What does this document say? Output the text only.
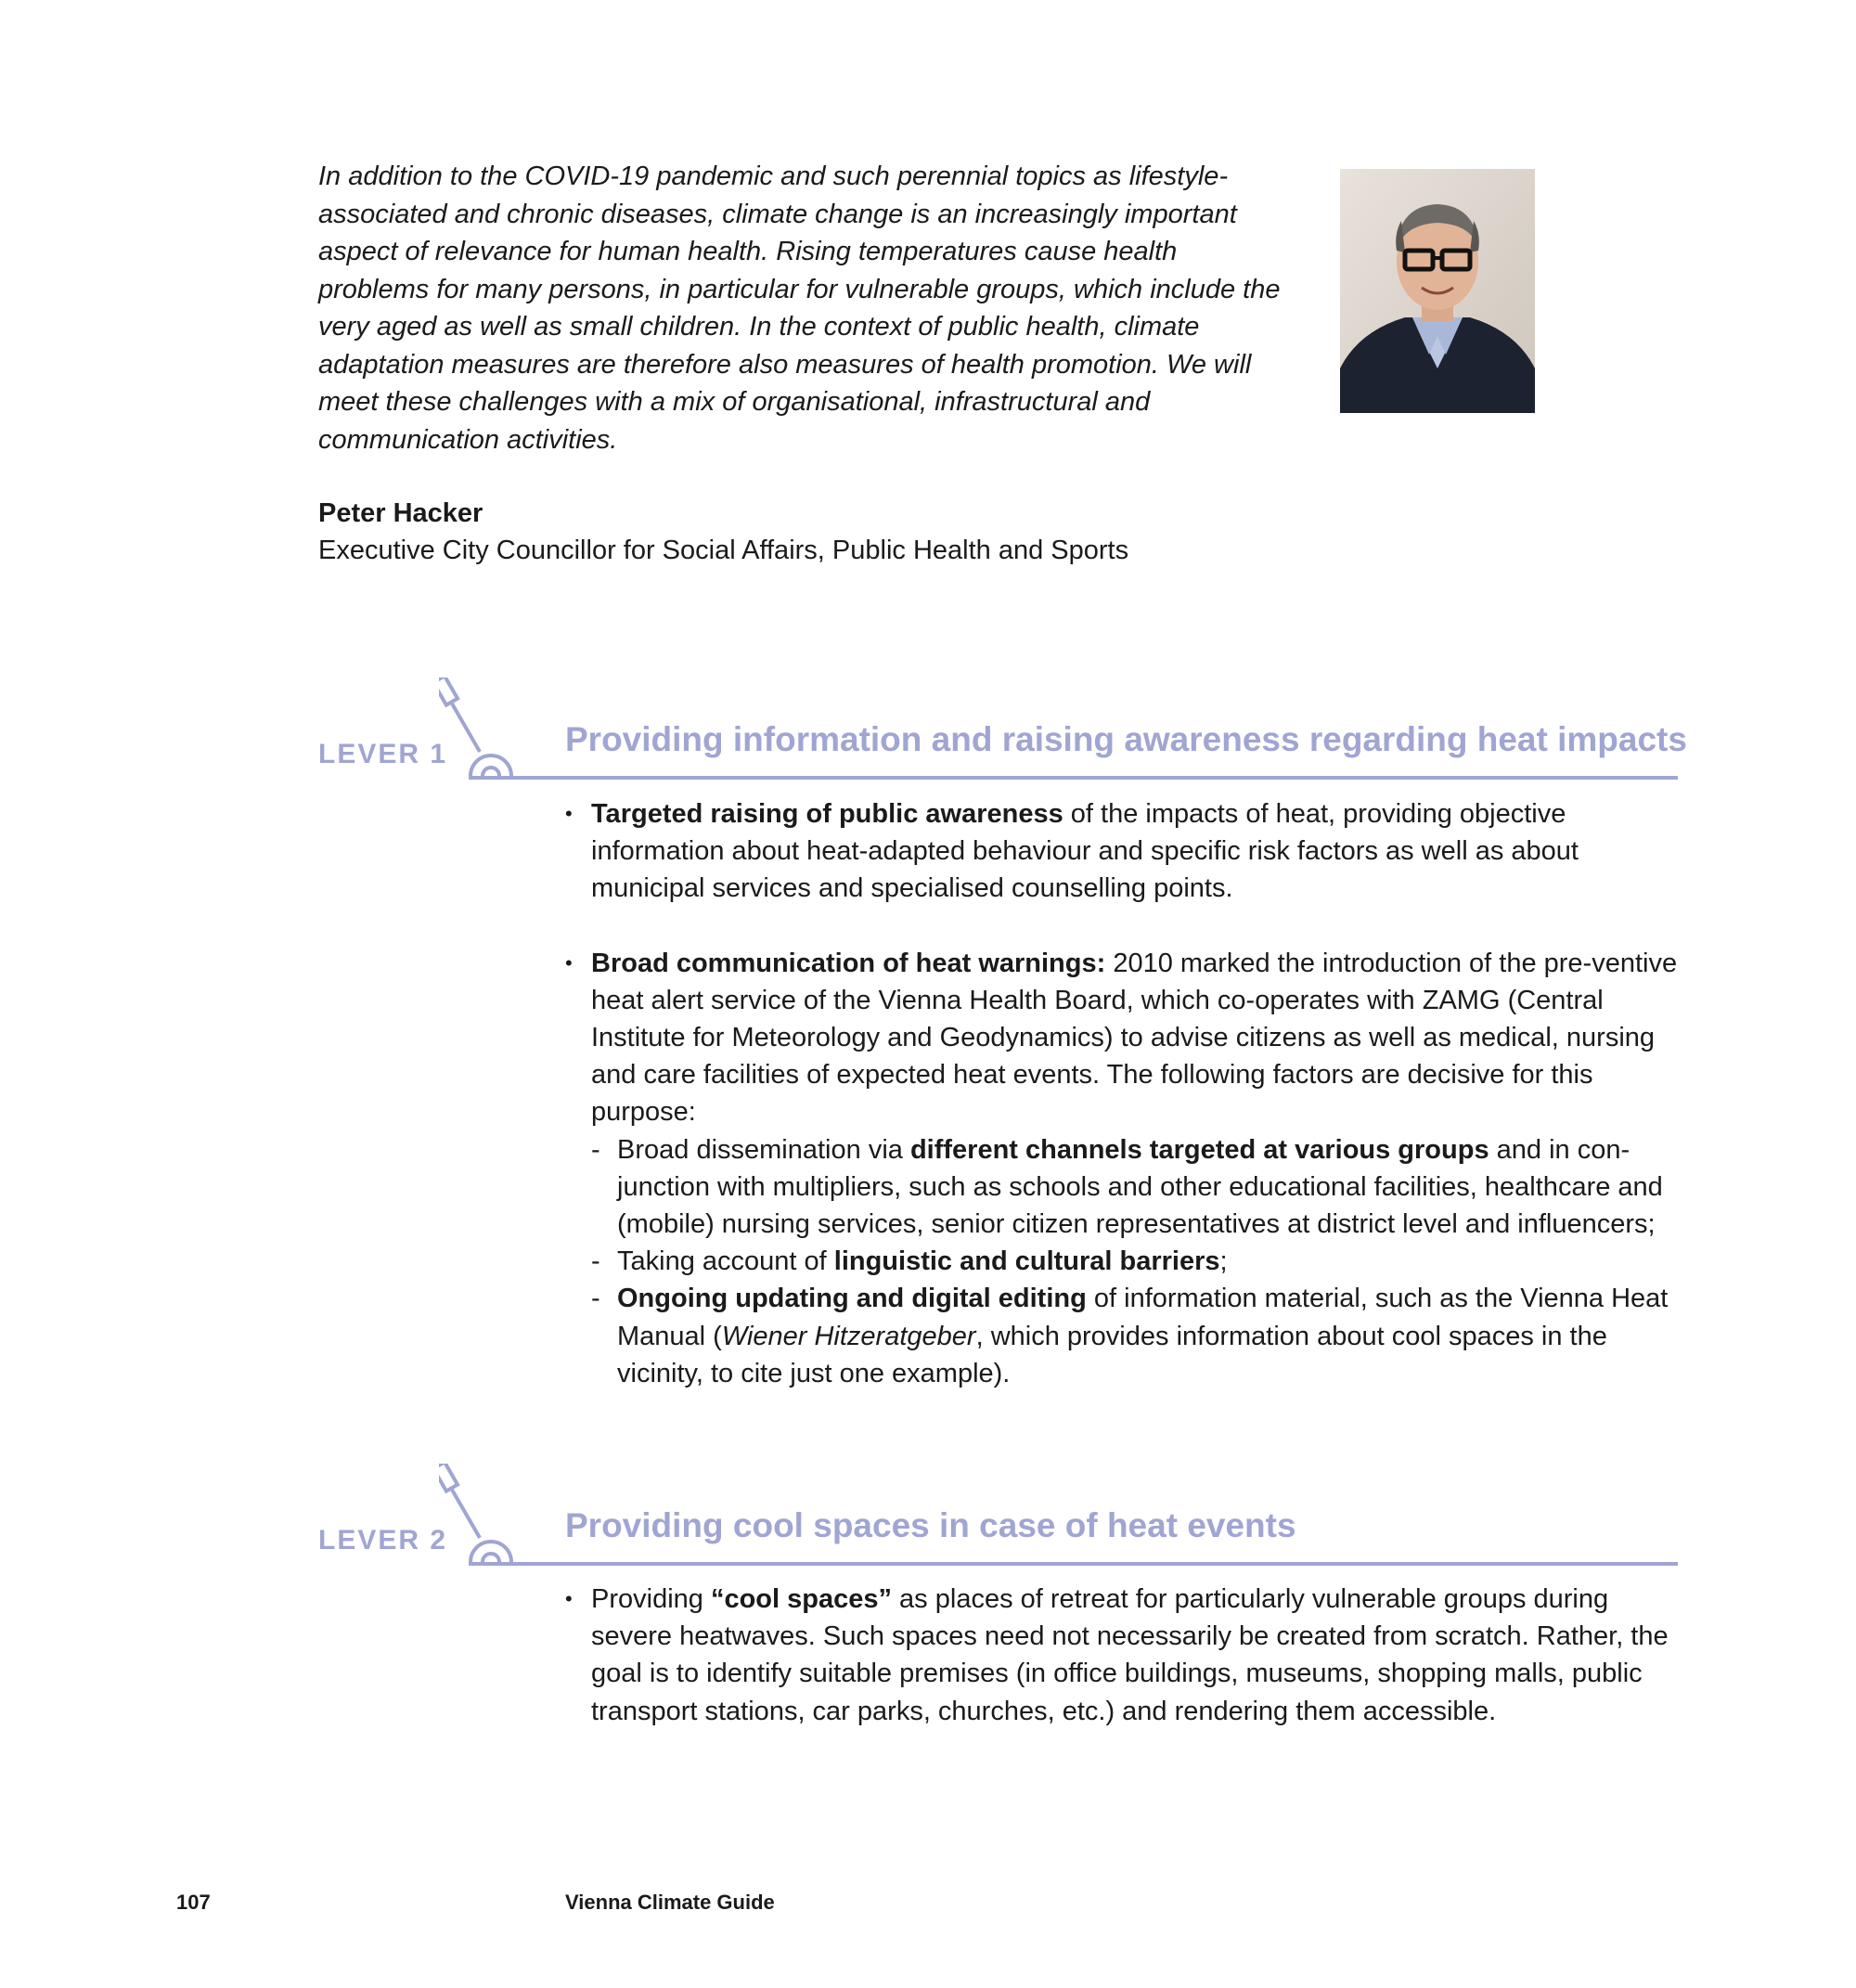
In addition to the COVID-19 pandemic and such perennial topics as lifestyle-associated and chronic diseases, climate change is an increasingly important aspect of relevance for human health. Rising temperatures cause health problems for many persons, in particular for vulnerable groups, which include the very aged as well as small children. In the context of public health, climate adaptation measures are therefore also measures of health promotion. We will meet these challenges with a mix of organisational, infrastructural and communication activities.

Peter Hacker
Executive City Councillor for Social Affairs, Public Health and Sports
LEVER 1	Providing information and raising awareness regarding heat impacts

• Targeted raising of public awareness of the impacts of heat, providing objective information about heat-adapted behaviour and specific risk factors as well as about municipal services and specialised counselling points.

• Broad communication of heat warnings: 2010 marked the introduction of the pre-ventive heat alert service of the Vienna Health Board, which co-operates with ZAMG (Central Institute for Meteorology and Geodynamics) to advise citizens as well as medical, nursing and care facilities of expected heat events. The following factors are decisive for this purpose:

- Broad dissemination via different channels targeted at various groups and in con-junction with multipliers, such as schools and other educational facilities, healthcare and (mobile) nursing services, senior citizen representatives at district level and influencers;

- Taking account of linguistic and cultural barriers;

- Ongoing updating and digital editing of information material, such as the Vienna Heat Manual (Wiener Hitzeratgeber, which provides information about cool spaces in the vicinity, to cite just one example).

LEVER 2	Providing cool spaces in case of heat events

• Providing “cool spaces” as places of retreat for particularly vulnerable groups during severe heatwaves. Such spaces need not necessarily be created from scratch. Rather, the goal is to identify suitable premises (in office buildings, museums, shopping malls, public transport stations, car parks, churches, etc.) and rendering them accessible.

107	Vienna Climate Guide
